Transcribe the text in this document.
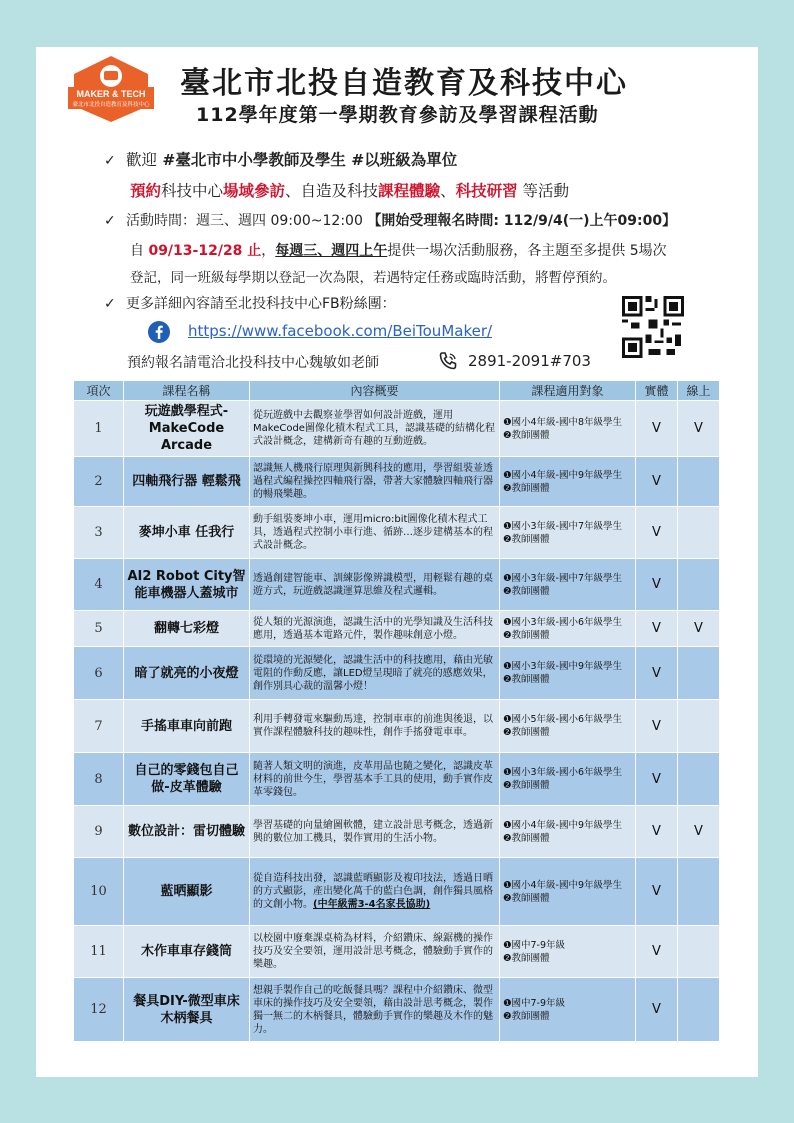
MAKER & TECH
臺北市北投自造教育及科技中心
臺北市北投自造教育及科技中心
112學年度第一學期教育參訪及學習課程活動
✓ 歡迎 #臺北市中小學教師及學生 #以班級為單位
預約科技中心場域參訪、自造及科技課程體驗、科技研習 等活動
✓ 活動時間：週三、週四 09:00~12:00 【開始受理報名時間: 112/9/4(一)上午09:00】
自 09/13-12/28 止，每週三、週四上午提供一場次活動服務，各主題至多提供 5場次
登記，同一班級每學期以登記一次為限，若遇特定任務或臨時活動，將暫停預約。
✓ 更多詳細內容請至北投科技中心FB粉絲團：
https://www.facebook.com/BeiTouMaker/
預約報名請電洽北投科技中心魏敏如老師	2891-2091#703
項次	課程名稱	內容概要	課程適用對象	實體	線上
1	玩遊戲學程式-MakeCode Arcade	從玩遊戲中去觀察並學習如何設計遊戲，運用MakeCode圖像化積木程式工具，認識基礎的結構化程式設計概念，建構新奇有趣的互動遊戲。	❶國小4年級-國中8年級學生
❷教師團體	V	V
2	四軸飛行器 輕鬆飛	認識無人機飛行原理與新興科技的應用，學習組裝並透過程式編程操控四軸飛行器，帶著大家體驗四軸飛行器的暢飛樂趣。	❶國小4年級-國中9年級學生
❷教師團體	V	
3	麥坤小車 任我行	動手組裝麥坤小車，運用micro:bit圖像化積木程式工具，透過程式控制小車行進、循跡…逐步建構基本的程式設計概念。	❶國小3年級-國中7年級學生
❷教師團體	V	
4	AI2 Robot City智能車機器人蓋城市	透過創建智能車、訓練影像辨識模型，用輕鬆有趣的桌遊方式，玩遊戲認識運算思維及程式邏輯。	❶國小3年級-國中7年級學生
❷教師團體	V	
5	翻轉七彩燈	從人類的光源演進，認識生活中的光學知識及生活科技應用，透過基本電路元件，製作趣味創意小燈。	❶國小3年級-國小6年級學生
❷教師團體	V	V
6	暗了就亮的小夜燈	從環境的光源變化，認識生活中的科技應用，藉由光敏電阻的作動反應，讓LED燈呈現暗了就亮的感應效果，創作別具心裁的溫馨小燈！	❶國小3年級-國中9年級學生
❷教師團體	V	
7	手搖車車向前跑	利用手轉發電來驅動馬達，控制車車的前進與後退，以實作課程體驗科技的趣味性，創作手搖發電車車。	❶國小5年級-國小6年級學生
❷教師團體	V	
8	自己的零錢包自己做-皮革體驗	隨著人類文明的演進，皮革用品也隨之變化，認識皮革材料的前世今生，學習基本手工具的使用，動手實作皮革零錢包。	❶國小3年級-國小6年級學生
❷教師團體	V	
9	數位設計：雷切體驗	學習基礎的向量繪圖軟體，建立設計思考概念，透過新興的數位加工機具，製作實用的生活小物。	❶國小4年級-國中9年級學生
❷教師團體	V	V
10	藍晒顯影	從自造科技出發，認識藍晒顯影及複印技法，透過日晒的方式顯影，產出變化萬千的藍白色調，創作獨具風格的文創小物。(中年級需3-4名家長協助)	❶國小4年級-國中9年級學生
❷教師團體	V	
11	木作車車存錢筒	以校園中廢棄課桌椅為材料，介紹鑽床、線鋸機的操作技巧及安全要領，運用設計思考概念，體驗動手實作的樂趣。	❶國中7-9年級
❷教師團體	V	
12	餐具DIY-微型車床木柄餐具	想親手製作自己的吃飯餐具嗎？課程中介紹鑽床、微型車床的操作技巧及安全要領，藉由設計思考概念，製作獨一無二的木柄餐具，體驗動手實作的樂趣及木作的魅力。	❶國中7-9年級
❷教師團體	V	
